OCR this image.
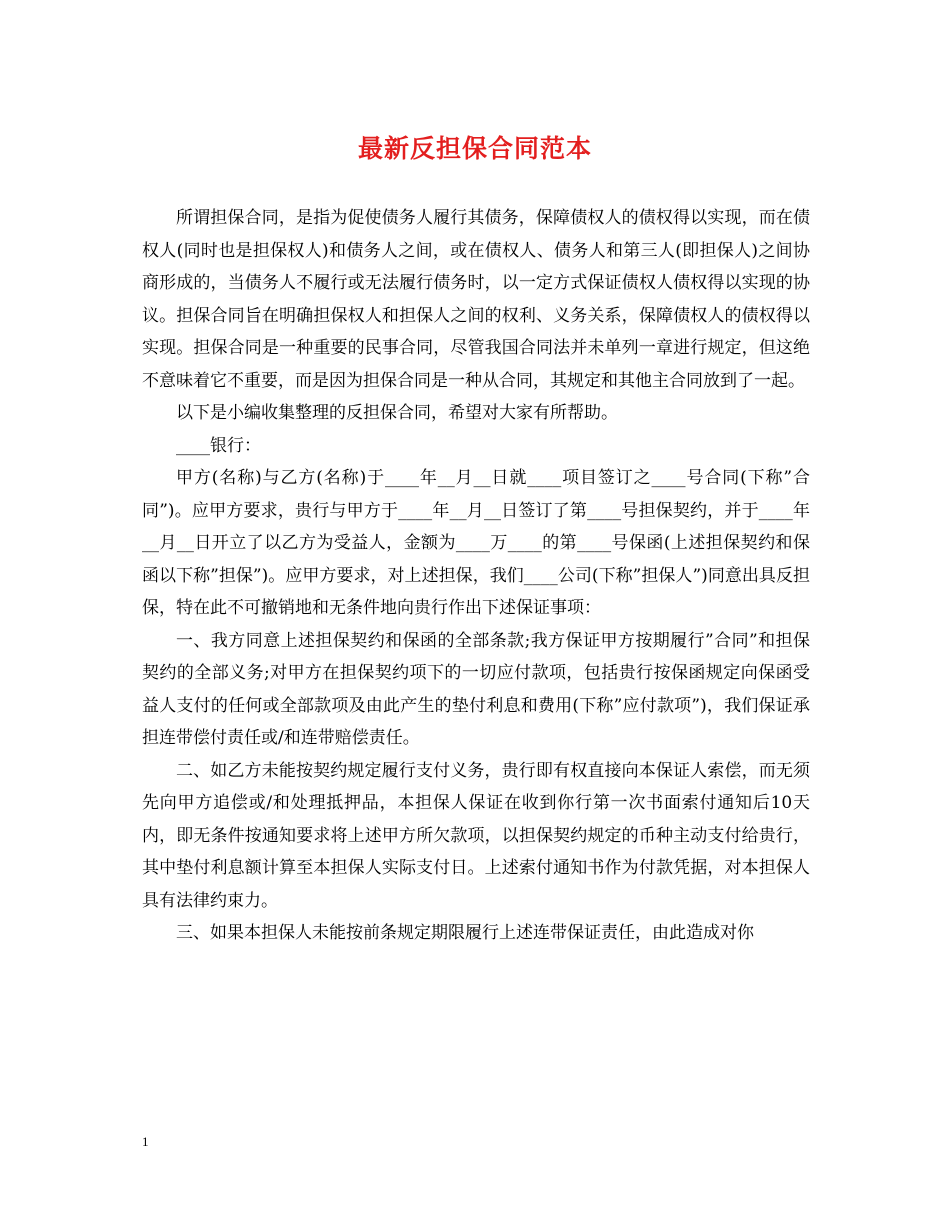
最新反担保合同范本

所谓担保合同，是指为促使债务人履行其债务，保障债权人的债权得以实现，而在债权人(同时也是担保权人)和债务人之间，或在债权人、债务人和第三人(即担保人)之间协商形成的，当债务人不履行或无法履行债务时，以一定方式保证债权人债权得以实现的协议。担保合同旨在明确担保权人和担保人之间的权利、义务关系，保障债权人的债权得以实现。担保合同是一种重要的民事合同，尽管我国合同法并未单列一章进行规定，但这绝不意味着它不重要，而是因为担保合同是一种从合同，其规定和其他主合同放到了一起。

以下是小编收集整理的反担保合同，希望对大家有所帮助。

____银行：

甲方(名称)与乙方(名称)于____年__月__日就____项目签订之____号合同(下称”合同”)。应甲方要求，贵行与甲方于____年__月__日签订了第____号担保契约，并于____年__月__日开立了以乙方为受益人，金额为____万____的第____号保函(上述担保契约和保函以下称”担保”)。应甲方要求，对上述担保，我们____公司(下称”担保人”)同意出具反担保，特在此不可撤销地和无条件地向贵行作出下述保证事项：

一、我方同意上述担保契约和保函的全部条款;我方保证甲方按期履行”合同”和担保契约的全部义务;对甲方在担保契约项下的一切应付款项，包括贵行按保函规定向保函受益人支付的任何或全部款项及由此产生的垫付利息和费用(下称”应付款项”)，我们保证承担连带偿付责任或/和连带赔偿责任。

二、如乙方未能按契约规定履行支付义务，贵行即有权直接向本保证人索偿，而无须先向甲方追偿或/和处理抵押品，本担保人保证在收到你行第一次书面索付通知后10天内，即无条件按通知要求将上述甲方所欠款项，以担保契约规定的币种主动支付给贵行，其中垫付利息额计算至本担保人实际支付日。上述索付通知书作为付款凭据，对本担保人具有法律约束力。

三、如果本担保人未能按前条规定期限履行上述连带保证责任，由此造成对你

1
